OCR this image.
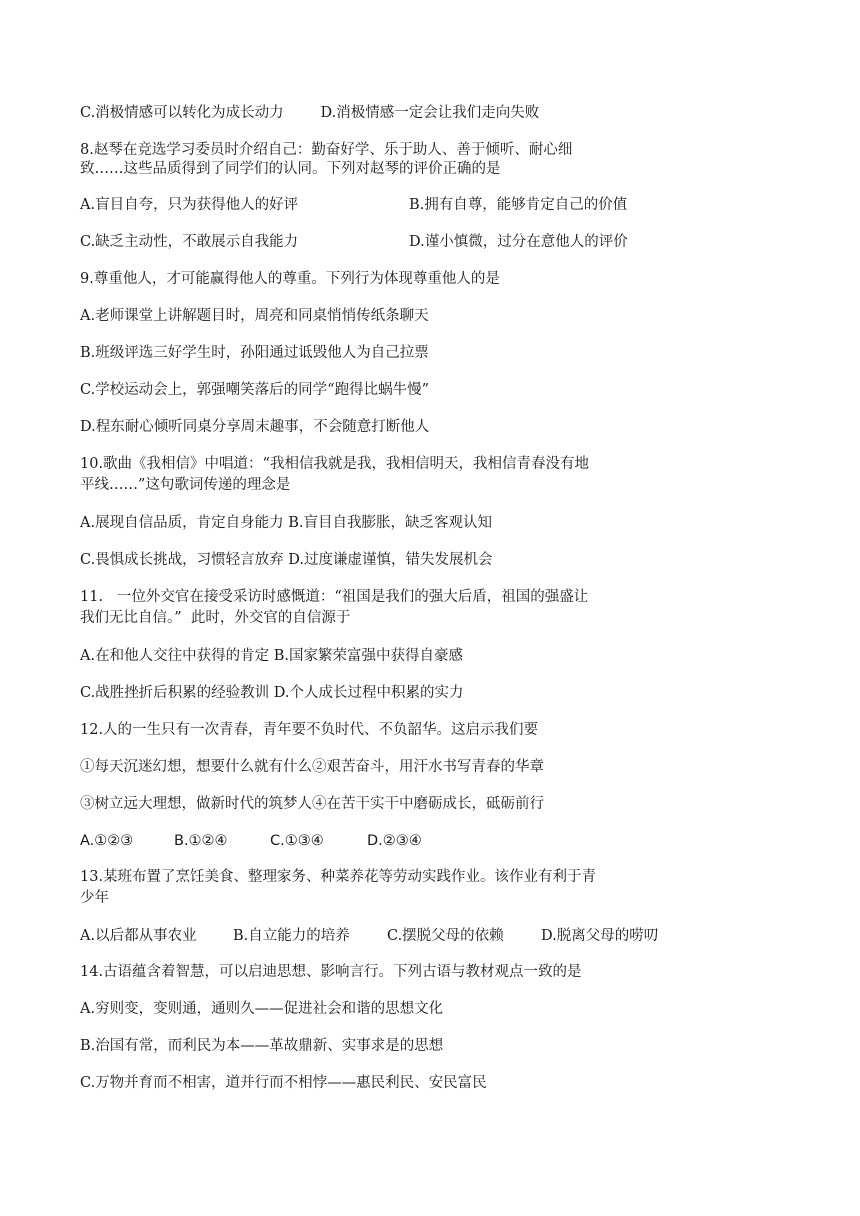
C.消极情感可以转化为成长动力        D.消极情感一定会让我们走向失败
8.赵琴在竞选学习委员时介绍自己：勤奋好学、乐于助人、善于倾听、耐心细
致……这些品质得到了同学们的认同。下列对赵琴的评价正确的是
A.盲目自夸，只为获得他人的好评	B.拥有自尊，能够肯定自己的价值
C.缺乏主动性，不敢展示自我能力	D.谨小慎微，过分在意他人的评价
9.尊重他人，才可能赢得他人的尊重。下列行为体现尊重他人的是
A.老师课堂上讲解题目时，周亮和同桌悄悄传纸条聊天
B.班级评选三好学生时，孙阳通过诋毁他人为自己拉票
C.学校运动会上，郭强嘲笑落后的同学“跑得比蜗牛慢”
D.程东耐心倾听同桌分享周末趣事，不会随意打断他人
10.歌曲《我相信》中唱道：“我相信我就是我，我相信明天，我相信青春没有地
平线……”这句歌词传递的理念是
A.展现自信品质，肯定自身能力 B.盲目自我膨胀，缺乏客观认知
C.畏惧成长挑战，习惯轻言放弃 D.过度谦虚谨慎，错失发展机会
11.   一位外交官在接受采访时感慨道：“祖国是我们的强大后盾，祖国的强盛让
我们无比自信。”  此时，外交官的自信源于
A.在和他人交往中获得的肯定 B.国家繁荣富强中获得自豪感
C.战胜挫折后积累的经验教训 D.个人成长过程中积累的实力
12.人的一生只有一次青春，青年要不负时代、不负韶华。这启示我们要
①每天沉迷幻想，想要什么就有什么②艰苦奋斗，用汗水书写青春的华章
③树立远大理想，做新时代的筑梦人④在苦干实干中磨砺成长，砥砺前行
A.①②③	B.①②④	C.①③④	D.②③④
13.某班布置了烹饪美食、整理家务、种菜养花等劳动实践作业。该作业有利于青
少年
A.以后都从事农业	B.自立能力的培养	C.摆脱父母的依赖	D.脱离父母的唠叨
14.古语蕴含着智慧，可以启迪思想、影响言行。下列古语与教材观点一致的是
A.穷则变，变则通，通则久——促进社会和谐的思想文化
B.治国有常，而利民为本——革故鼎新、实事求是的思想
C.万物并育而不相害，道并行而不相悖——惠民利民、安民富民
